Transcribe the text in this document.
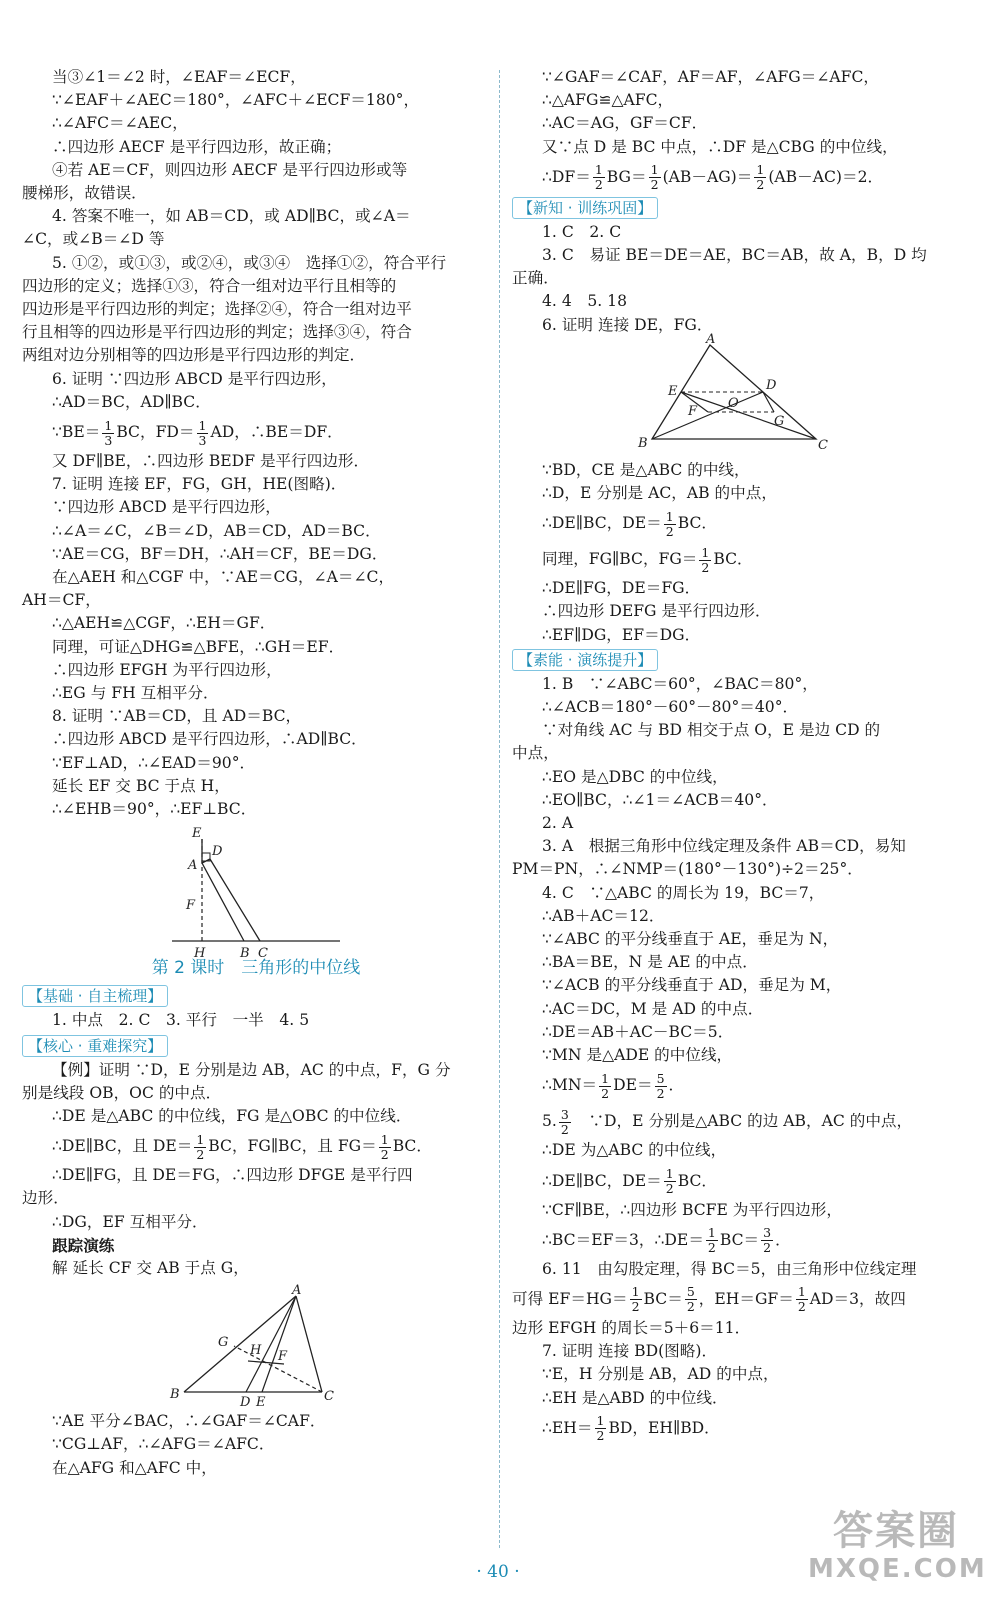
当③∠1＝∠2 时，∠EAF＝∠ECF，
∵∠EAF＋∠AEC＝180°，∠AFC＋∠ECF＝180°，
∴∠AFC＝∠AEC，
∴四边形 AECF 是平行四边形，故正确；
④若 AE＝CF，则四边形 AECF 是平行四边形或等
腰梯形，故错误．
4. 答案不唯一，如 AB＝CD，或 AD∥BC，或∠A＝
∠C，或∠B＝∠D 等
5. ①②，或①③，或②④，或③④　选择①②，符合平行
四边形的定义；选择①③，符合一组对边平行且相等的
四边形是平行四边形的判定；选择②④，符合一组对边平
行且相等的四边形是平行四边形的判定；选择③④，符合
两组对边分别相等的四边形是平行四边形的判定．
6. 证明 ∵四边形 ABCD 是平行四边形，
∴AD＝BC，AD∥BC．
∵BE＝ $\frac{1}{3}$ BC，$FD= \frac{1}{3}$ AD，∴BE＝DF．
又 DF∥BE，∴四边形 BEDF 是平行四边形．
7. 证明 连接 EF，FG，GH，HE(图略)．
∵四边形 ABCD 是平行四边形，
∴∠A＝∠C，∠B＝∠D，AB＝CD，AD＝BC．
∵AE＝CG，BF＝DH，∴AH＝CF，BE＝DG．
在△AEH 和△CGF 中，∵AE＝CG，∠A＝∠C，
AH＝CF，
∴△AEH≌△CGF，∴EH＝GF．
同理，可证△DHG≌△BFE，∴GH＝EF．
∴四边形 EFGH 为平行四边形，
∴EG 与 FH 互相平分．
8. 证明 ∵AB＝CD，且 AD＝BC，
∴四边形 ABCD 是平行四边形，∴AD∥BC．
∵EF⊥AD，∴∠EAD＝90°．
延长 EF 交 BC 于点 H，
∴∠EHB＝90°，∴EF⊥BC．
E
A
D
F
H	B C
第 2 课时　三角形的中位线
【基础 · 自主梳理】
1. 中点　2. C　3. 平行　一半　4. 5
【核心 · 重难探究】
【例】证明 ∵D，E 分别是边 AB，AC 的中点，F，G 分
别是线段 OB，OC 的中点．
∴DE 是△ABC 的中位线，FG 是△OBC 的中位线．
∴DE∥BC，且 $DE= \frac{1}{2}$ BC，FG∥BC，且 $FG= \frac{1}{2}$ BC．
∴DE∥FG，且 DE＝FG，∴四边形 DFGE 是平行四
边形．
∴DG，EF 互相平分．
跟踪演练
解 延长 CF 交 AB 于点 G，
A
G
H F
B
D E	C
∵AE 平分∠BAC，∴∠GAF＝∠CAF．
∵CG⊥AF，∴∠AFG＝∠AFC．
在△AFG 和△AFC 中，
∵∠GAF＝∠CAF，AF＝AF，∠AFG＝∠AFC，
∴△AFG≌△AFC，
∴AC＝AG，GF＝CF．
又∵点 D 是 BC 中点，∴DF 是△CBG 的中位线，
∴DF＝ $\frac{1}{2} BG= \frac{1}{2} (AB-AG)= \frac{1}{2} (AB-AC)=2$．
【新知 · 训练巩固】
1. C　2. C
3. C　易证 BE＝DE＝AE，BC＝AB，故 A，B，D 均
正确．
4. 4　5. 18
6. 证明 连接 DE，FG．
A
E	D
F
O
G
B	C
∵BD，CE 是△ABC 的中线，
∴D，E 分别是 AC，AB 的中点，
∴DE∥BC，$DE= \frac{1}{2}$ BC．
同理，FG∥BC，$FG= \frac{1}{2}$ BC．
∴DE∥FG，DE＝FG．
∴四边形 DEFG 是平行四边形．
∴EF∥DG，EF＝DG．
【素能 · 演练提升】
1. B　∵∠ABC＝60°，∠BAC＝80°，
∴∠ACB＝180°－60°－80°＝40°．
∵对角线 AC 与 BD 相交于点 O，E 是边 CD 的
中点，
∴EO 是△DBC 的中位线，
∴EO∥BC，∴∠1＝∠ACB＝40°．
2. A
3. A　根据三角形中位线定理及条件 AB＝CD，易知
PM＝PN，∴∠NMP＝(180°－130°)÷2＝25°．
4. C　∵△ABC 的周长为 19，BC＝7，
∴AB＋AC＝12．
∵∠ABC 的平分线垂直于 AE，垂足为 N，
∴BA＝BE，N 是 AE 的中点．
∵∠ACB 的平分线垂直于 AD，垂足为 M，
∴AC＝DC，M 是 AD 的中点．
∴DE＝AB＋AC－BC＝5．
∵MN 是△ADE 的中位线，
∴MN＝ $\frac{1}{2} DE= \frac{5}{2}$ ．
5. $\frac{3}{2}$ 　∵D，E 分别是△ABC 的边 AB，AC 的中点，
∴DE 为△ABC 的中位线，
∴DE∥BC，$DE= \frac{1}{2}$ BC．
∵CF∥BE，∴四边形 BCFE 为平行四边形，
∴BC＝EF＝3，∴DE＝ $\frac{1}{2} BC= \frac{3}{2}$ ．
6. 11　由勾股定理，得 BC＝5，由三角形中位线定理
可得 $EF=HG= \frac{1}{2} BC= \frac{5}{2}$ ，$EH=GF= \frac{1}{2} AD=3$，故四
边形 EFGH 的周长＝5＋6＝11．
7. 证明 连接 BD(图略)．
∵E，H 分别是 AB，AD 的中点，
∴EH 是△ABD 的中位线．
∴EH＝ $\frac{1}{2}$ BD，EH∥BD．
答案圈
MXQE.COM
· 40 ·
